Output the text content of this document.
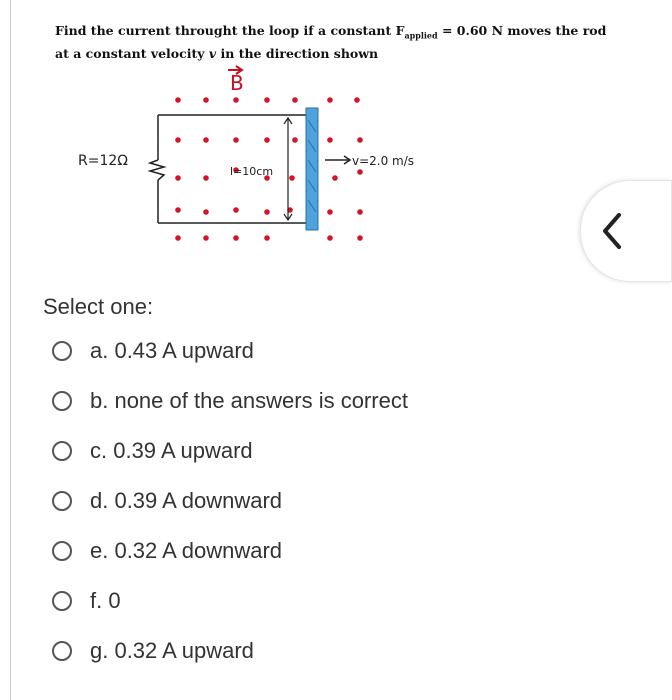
Find the current throught the loop if a constant $F_{applied} = 0.60$ N moves the rod at a constant velocity v in the direction shown
B
R=12Ω
l=10cm
v=2.0 m/s
Select one:
a. 0.43 A upward
b. none of the answers is correct
c. 0.39 A upward
d. 0.39 A downward
e. 0.32 A downward
f. 0
g. 0.32 A upward
